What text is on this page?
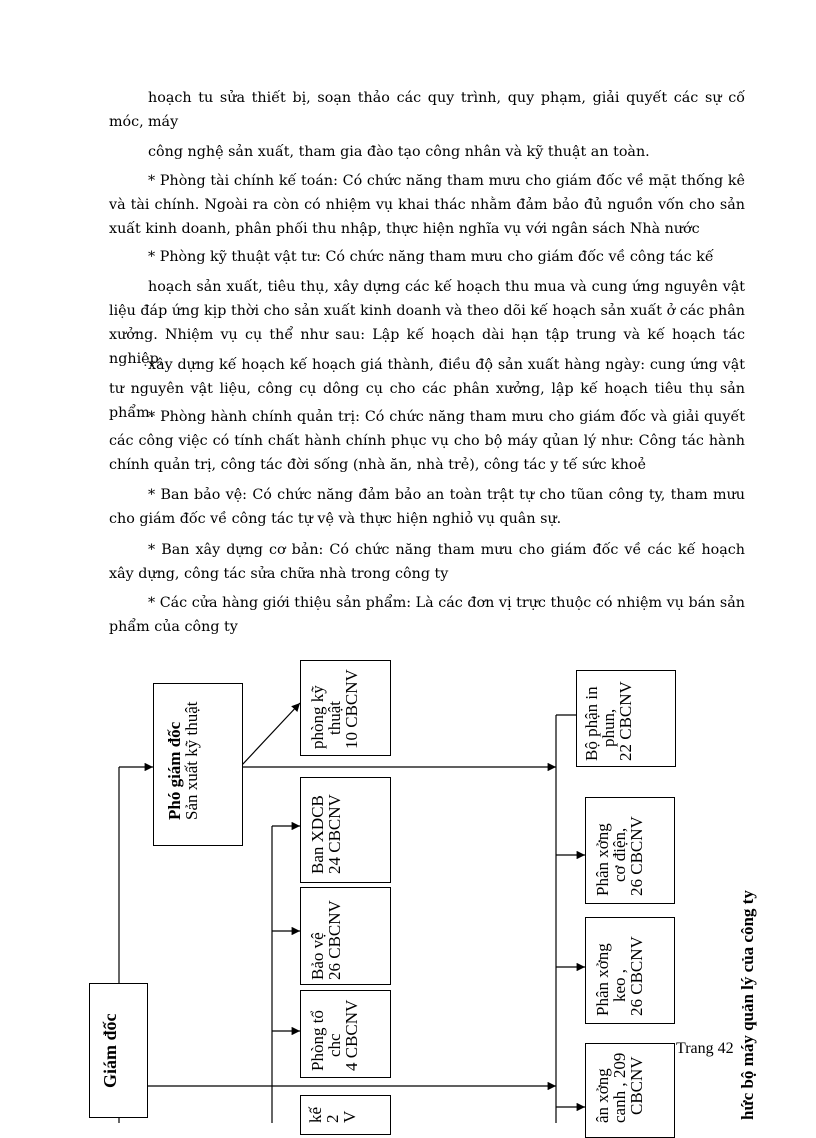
hoạch tu sửa thiết bị, soạn thảo các quy trình, quy phạm, giải quyết các sự cố máy

móc,

công nghệ sản xuất, tham gia đào tạo công nhân và kỹ thuật an toàn.

* Phòng tài chính kế toán: Có chức năng tham mưu cho giám đốc về mặt thống kê và tài chính. Ngoài ra còn có nhiệm vụ khai thác nhằm đảm bảo đủ nguồn vốn cho sản xuất kinh doanh, phân phối thu nhập, thực hiện nghĩa vụ với ngân sách Nhà nước

* Phòng kỹ thuật vật tư: Có chức năng tham mưu cho giám đốc về công tác kế

hoạch sản xuất, tiêu thụ, xây dựng các kế hoạch thu mua và cung ứng nguyên vật liệu đáp ứng kịp thời cho sản xuất kinh doanh và theo dõi kế hoạch sản xuất ở các phân xưởng. Nhiệm vụ cụ thể như sau: Lập kế hoạch dài hạn tập trung và kế hoạch tác nghiệp,

xây dựng kế hoạch kế hoạch giá thành, điều độ sản xuất hàng ngày: cung ứng vật tư nguyên vật liệu, công cụ dông cụ cho các phân xưởng, lập kế hoạch tiêu thụ sản phẩm.

* Phòng hành chính quản trị: Có chức năng tham mưu cho giám đốc và giải quyết các công việc có tính chất hành chính phục vụ cho bộ máy qủan lý như: Công tác hành chính quản trị, công tác đời sống (nhà ăn, nhà trẻ), công tác y tế sức khoẻ

* Ban bảo vệ: Có chức năng đảm bảo an toàn trật tự cho tũan công ty, tham mưu cho giám đốc về công tác tự vệ và thực hiện nghiỏ vụ quân sự.

* Ban xây dựng cơ bản: Có chức năng tham mưu cho giám đốc về các kế hoạch xây dựng, công tác sửa chữa nhà trong công ty

* Các cửa hàng giới thiệu sản phẩm: Là các đơn vị trực thuộc có nhiệm vụ bán sản phẩm của công ty

Giám đốc
Phó giám đốc
Sản xuất kỹ thuật	phòng kỹ
thuật
10 CBCNV
Ban XDCB
24 CBCNV
Bảo vệ
26 CBCNV
Phòng tổ
chc
4 CBCNV
kế
2
V
Bộ phận in
phun,
22 CBCNV
Phân xởng
cơ điện,
26 CBCNV
Phân xởng
keo ,
26 CBCNV
ân xởng
canh , 209
CBCNV	hức bộ máy quản lý của công ty
Trang 42
